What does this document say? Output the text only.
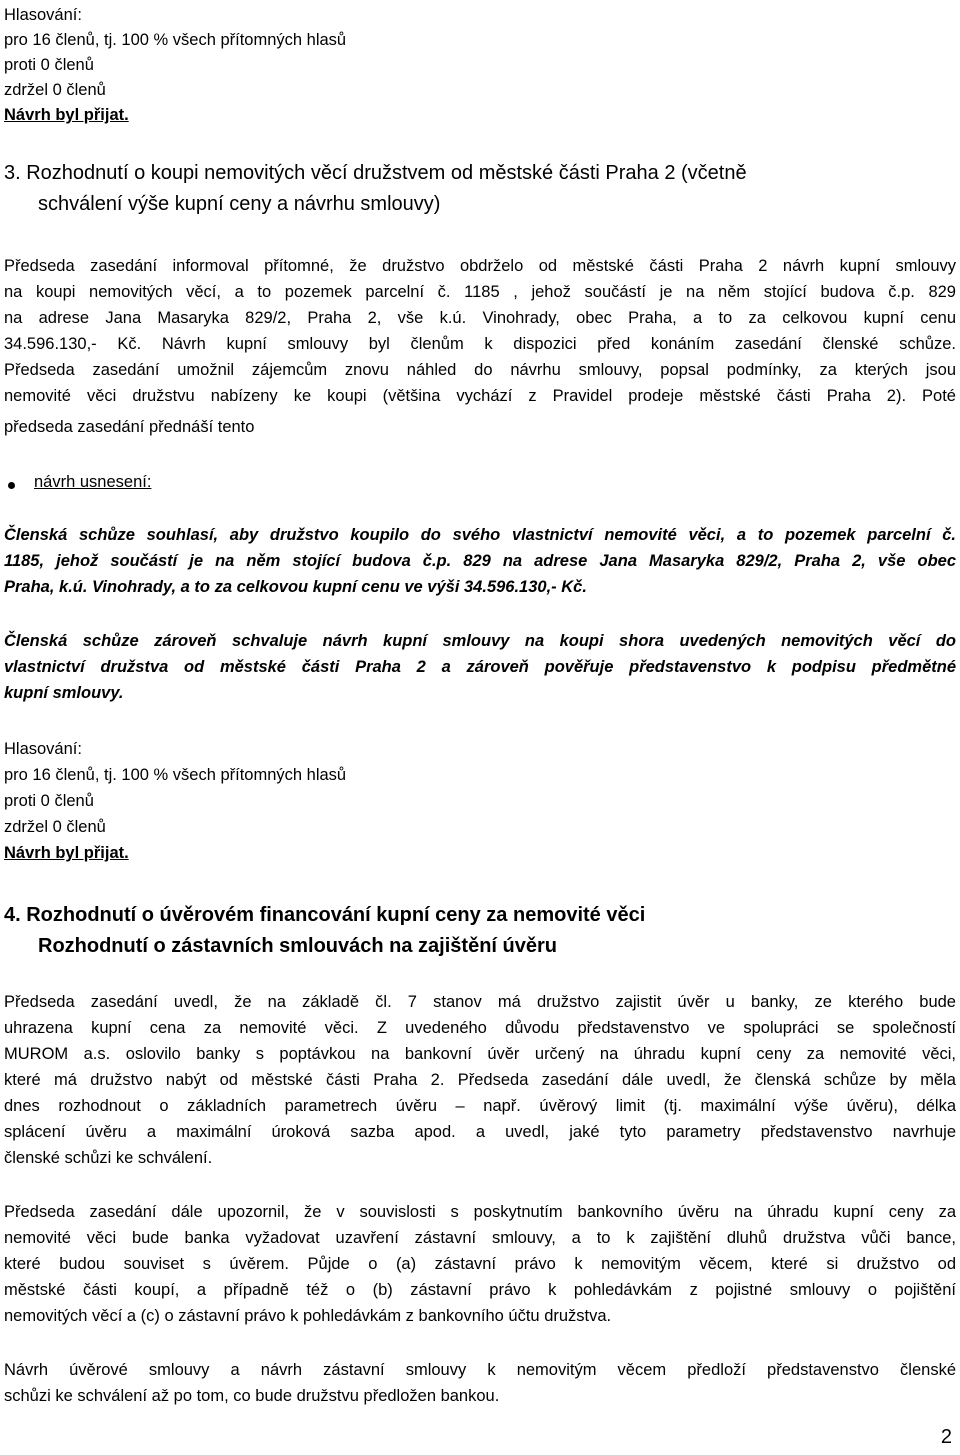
Hlasování:
pro 16 členů, tj. 100 % všech přítomných hlasů
proti 0 členů
zdržel 0 členů
Návrh byl přijat.
3. Rozhodnutí o koupi nemovitých věcí družstvem od městské části Praha 2 (včetně
schválení výše kupní ceny a návrhu smlouvy)
Předseda zasedání informoval přítomné, že družstvo obdrželo od městské části Praha 2 návrh kupní smlouvy
na koupi nemovitých věcí, a to pozemek parcelní č. 1185 , jehož součástí je na něm stojící budova č.p. 829
na adrese Jana Masaryka 829/2, Praha 2, vše k.ú. Vinohrady, obec Praha, a to za celkovou kupní cenu
34.596.130,- Kč. Návrh kupní smlouvy byl členům k dispozici před konáním zasedání členské schůze.
Předseda zasedání umožnil zájemcům znovu náhled do návrhu smlouvy, popsal podmínky, za kterých jsou
nemovité věci družstvu nabízeny ke koupi (většina vychází z Pravidel prodeje městské části Praha 2). Poté
předseda zasedání přednáší tento
návrh usnesení:
Členská schůze souhlasí, aby družstvo koupilo do svého vlastnictví nemovité věci, a to pozemek parcelní č.
1185, jehož součástí je na něm stojící budova č.p. 829 na adrese Jana Masaryka 829/2, Praha 2, vše obec
Praha, k.ú. Vinohrady, a to za celkovou kupní cenu ve výši 34.596.130,- Kč.
Členská schůze zároveň schvaluje návrh kupní smlouvy na koupi shora uvedených nemovitých věcí do
vlastnictví družstva od městské části Praha 2 a zároveň pověřuje představenstvo k podpisu předmětné
kupní smlouvy.
Hlasování:
pro 16 členů, tj. 100 % všech přítomných hlasů
proti 0 členů
zdržel 0 členů
Návrh byl přijat.
4. Rozhodnutí o úvěrovém financování kupní ceny za nemovité věci
Rozhodnutí o zástavních smlouvách na zajištění úvěru
Předseda zasedání uvedl, že na základě čl. 7 stanov má družstvo zajistit úvěr u banky, ze kterého bude
uhrazena kupní cena za nemovité věci. Z uvedeného důvodu představenstvo ve spolupráci se společností
MUROM a.s. oslovilo banky s poptávkou na bankovní úvěr určený na úhradu kupní ceny za nemovité věci,
které má družstvo nabýt od městské části Praha 2. Předseda zasedání dále uvedl, že členská schůze by měla
dnes rozhodnout o základních parametrech úvěru – např. úvěrový limit (tj. maximální výše úvěru), délka
splácení úvěru a maximální úroková sazba apod. a uvedl, jaké tyto parametry představenstvo navrhuje
členské schůzi ke schválení.
Předseda zasedání dále upozornil, že v souvislosti s poskytnutím bankovního úvěru na úhradu kupní ceny za
nemovité věci bude banka vyžadovat uzavření zástavní smlouvy, a to k zajištění dluhů družstva vůči bance,
které budou souviset s úvěrem. Půjde o (a) zástavní právo k nemovitým věcem, které si družstvo od
městské části koupí, a případně též o (b) zástavní právo k pohledávkám z pojistné smlouvy o pojištění
nemovitých věcí a (c) o zástavní právo k pohledávkám z bankovního účtu družstva.
Návrh úvěrové smlouvy a návrh zástavní smlouvy k nemovitým věcem předloží představenstvo členské
schůzi ke schválení až po tom, co bude družstvu předložen bankou.
2
